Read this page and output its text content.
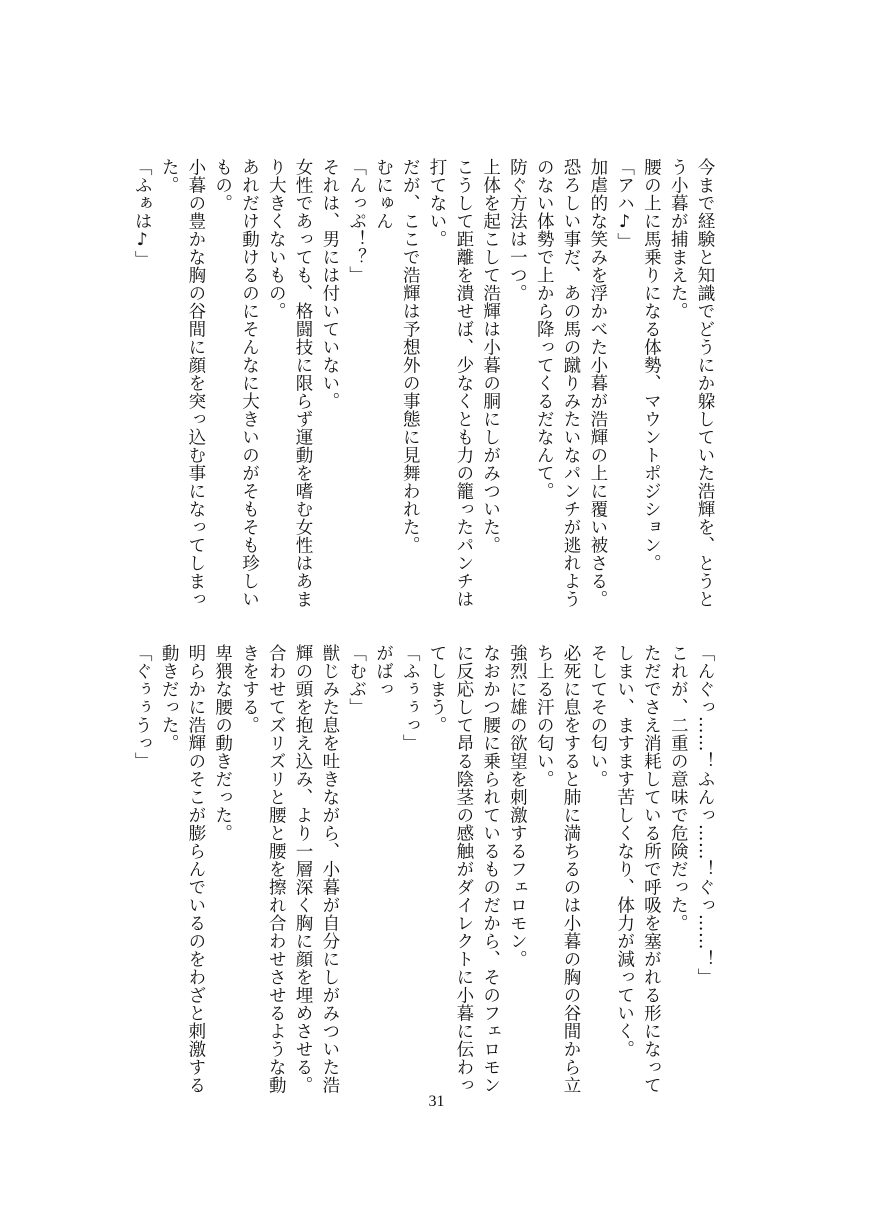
今まで経験と知識でどうにか躱していた浩輝を、とうと
う小暮が捕まえた。
腰の上に馬乗りになる体勢、マウントポジション。
「アハ♪」
加虐的な笑みを浮かべた小暮が浩輝の上に覆い被さる。
恐ろしい事だ、あの馬の蹴りみたいなパンチが逃れよう
のない体勢で上から降ってくるだなんて。
防ぐ方法は一つ。
上体を起こして浩輝は小暮の胴にしがみついた。
こうして距離を潰せば、少なくとも力の籠ったパンチは
打てない。
だが、ここで浩輝は予想外の事態に見舞われた。
むにゅん
「んっぷ！？」
それは、男には付いていない。
女性であっても、格闘技に限らず運動を嗜む女性はあま
り大きくないもの。
あれだけ動けるのにそんなに大きいのがそもそも珍しい
もの。
小暮の豊かな胸の谷間に顔を突っ込む事になってしまっ
た。
「ふぁは♪」
「んぐっ……！ふんっ……！ぐっ……！」
これが、二重の意味で危険だった。
ただでさえ消耗している所で呼吸を塞がれる形になって
しまい、ますます苦しくなり、体力が減っていく。
そしてその匂い。
必死に息をすると肺に満ちるのは小暮の胸の谷間から立
ち上る汗の匂い。
強烈に雄の欲望を刺激するフェロモン。
なおかつ腰に乗られているものだから、そのフェロモン
に反応して昂る陰茎の感触がダイレクトに小暮に伝わっ
てしまう。
「ふぅぅっ」
がばっ
「むぶ」
獣じみた息を吐きながら、小暮が自分にしがみついた浩
輝の頭を抱え込み、より一層深く胸に顔を埋めさせる。
合わせてズリズリと腰と腰を擦れ合わせさせるような動
きをする。
卑猥な腰の動きだった。
明らかに浩輝のそこが膨らんでいるのをわざと刺激する
動きだった。
「ぐぅぅうっ」
31
